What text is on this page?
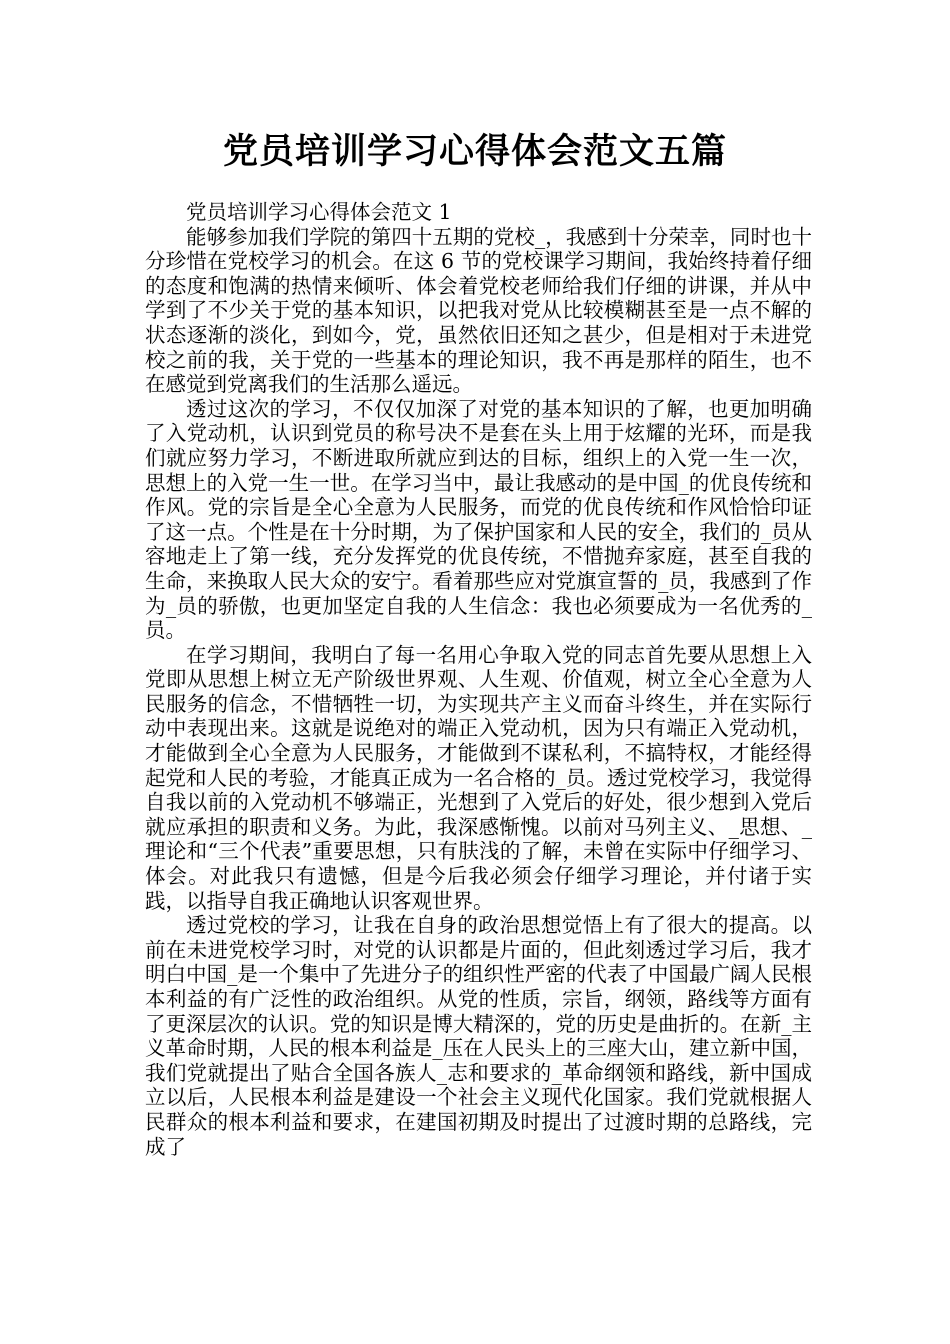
党员培训学习心得体会范文五篇

党员培训学习心得体会范文 1

能够参加我们学院的第四十五期的党校_，我感到十分荣幸，同时也十分珍惜在党校学习的机会。在这 6 节的党校课学习期间，我始终持着仔细的态度和饱满的热情来倾听、体会着党校老师给我们仔细的讲课，并从中学到了不少关于党的基本知识，以把我对党从比较模糊甚至是一点不解的状态逐渐的淡化，到如今，党，虽然依旧还知之甚少，但是相对于未进党校之前的我，关于党的一些基本的理论知识，我不再是那样的陌生，也不在感觉到党离我们的生活那么遥远。

透过这次的学习，不仅仅加深了对党的基本知识的了解，也更加明确了入党动机，认识到党员的称号决不是套在头上用于炫耀的光环，而是我们就应努力学习，不断进取所就应到达的目标，组织上的入党一生一次，思想上的入党一生一世。在学习当中，最让我感动的是中国_的优良传统和作风。党的宗旨是全心全意为人民服务，而党的优良传统和作风恰恰印证了这一点。个性是在十分时期，为了保护国家和人民的安全，我们的_员从容地走上了第一线，充分发挥党的优良传统，不惜抛弃家庭，甚至自我的生命，来换取人民大众的安宁。看着那些应对党旗宣誓的_员，我感到了作为_员的骄傲，也更加坚定自我的人生信念：我也必须要成为一名优秀的_员。

在学习期间，我明白了每一名用心争取入党的同志首先要从思想上入党即从思想上树立无产阶级世界观、人生观、价值观，树立全心全意为人民服务的信念，不惜牺牲一切，为实现共产主义而奋斗终生，并在实际行动中表现出来。这就是说绝对的端正入党动机，因为只有端正入党动机，才能做到全心全意为人民服务，才能做到不谋私利，不搞特权，才能经得起党和人民的考验，才能真正成为一名合格的_员。透过党校学习，我觉得自我以前的入党动机不够端正，光想到了入党后的好处，很少想到入党后就应承担的职责和义务。为此，我深感惭愧。以前对马列主义、_思想、_理论和“三个代表”重要思想，只有肤浅的了解，未曾在实际中仔细学习、体会。对此我只有遗憾，但是今后我必须会仔细学习理论，并付诸于实践，以指导自我正确地认识客观世界。

透过党校的学习，让我在自身的政治思想觉悟上有了很大的提高。以前在未进党校学习时，对党的认识都是片面的，但此刻透过学习后，我才明白中国_是一个集中了先进分子的组织性严密的代表了中国最广阔人民根本利益的有广泛性的政治组织。从党的性质，宗旨，纲领，路线等方面有了更深层次的认识。党的知识是博大精深的，党的历史是曲折的。在新_主义革命时期，人民的根本利益是_压在人民头上的三座大山，建立新中国，我们党就提出了贴合全国各族人_志和要求的_革命纲领和路线，新中国成立以后，人民根本利益是建设一个社会主义现代化国家。我们党就根据人民群众的根本利益和要求，在建国初期及时提出了过渡时期的总路线，完成了
